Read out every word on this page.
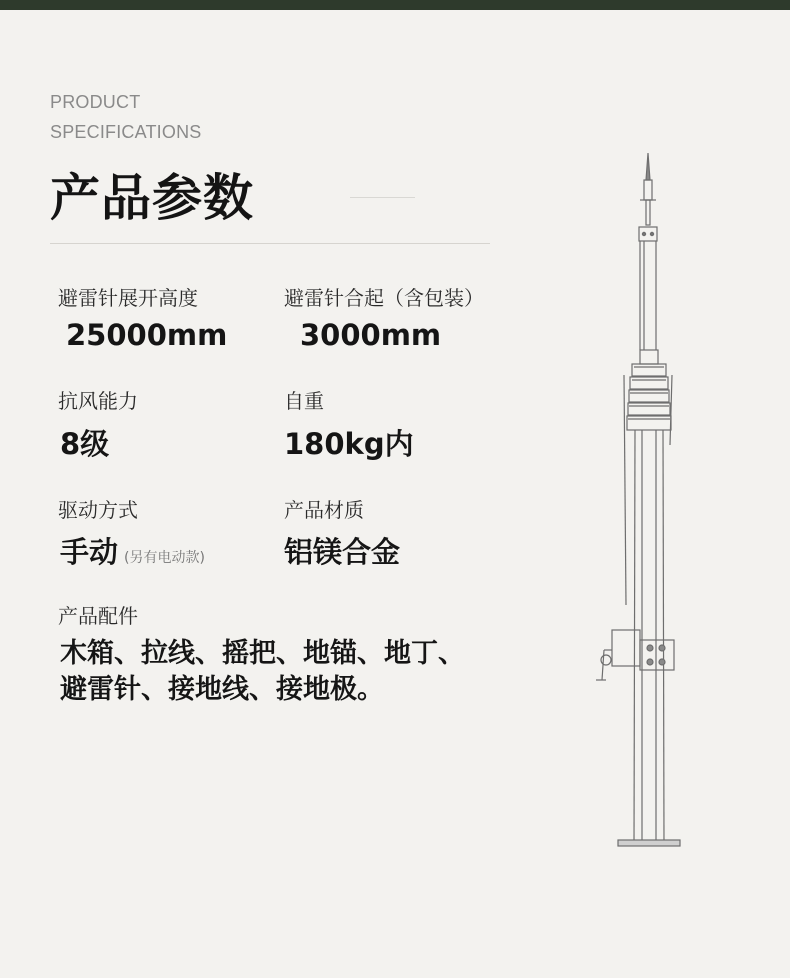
PRODUCT
SPECIFICATIONS
产品参数
避雷针展开高度
25000mm
避雷针合起（含包装）
3000mm
抗风能力
8级
自重
180kg内
驱动方式
手动 (另有电动款)
产品材质
铝镁合金
产品配件
木箱、拉线、摇把、地锚、地丁、
避雷针、接地线、接地极。
